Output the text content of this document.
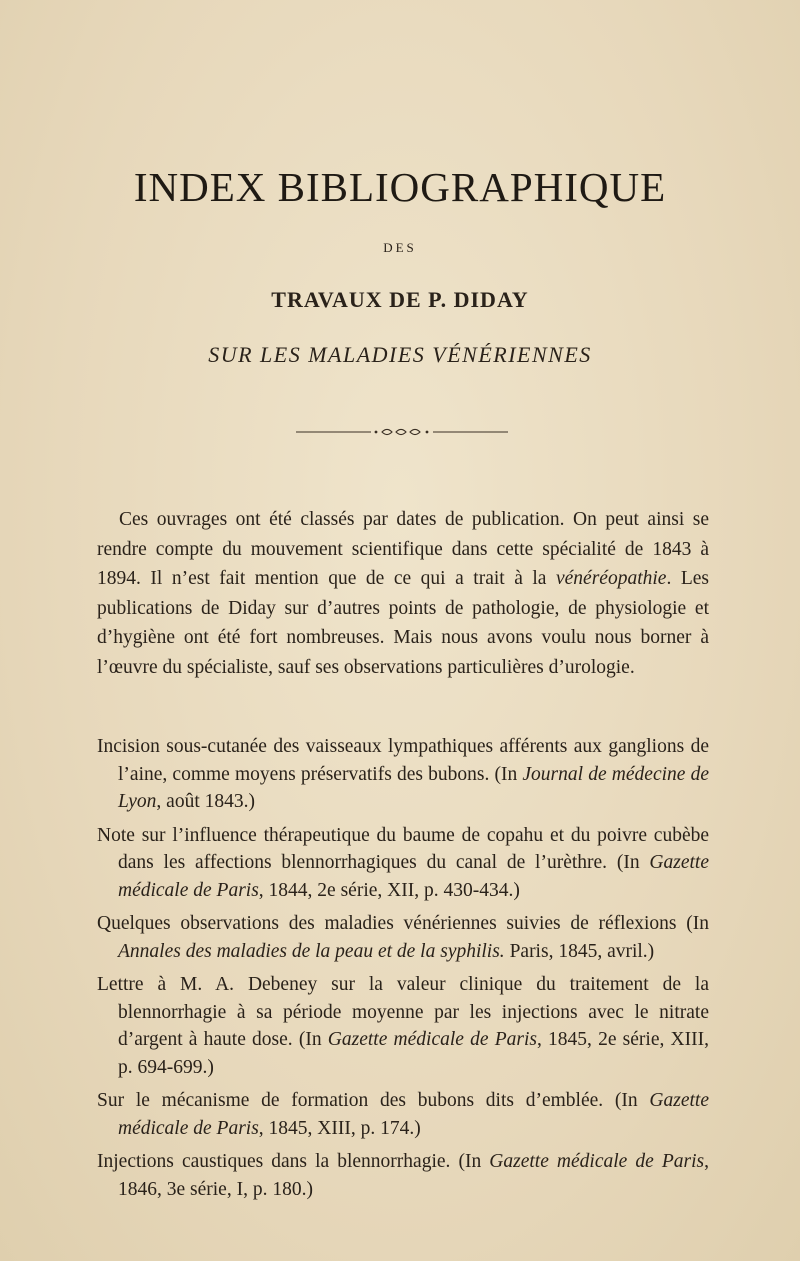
INDEX BIBLIOGRAPHIQUE
DES
TRAVAUX DE P. DIDAY
SUR LES MALADIES VÉNÉRIENNES

Ces ouvrages ont été classés par dates de publication. On peut ainsi se rendre compte du mouvement scientifique dans cette spécialité de 1843 à 1894. Il n’est fait mention que de ce qui a trait à la vénéréopathie. Les publications de Diday sur d’autres points de pathologie, de physiologie et d’hygiène ont été fort nombreuses. Mais nous avons voulu nous borner à l’œuvre du spécialiste, sauf ses observations particulières d’urologie.

Incision sous-cutanée des vaisseaux lympathiques afférents aux ganglions de l’aine, comme moyens préservatifs des bubons. (In Journal de médecine de Lyon, août 1843.)

Note sur l’influence thérapeutique du baume de copahu et du poivre cubèbe dans les affections blennorrhagiques du canal de l’urèthre. (In Gazette médicale de Paris, 1844, 2e série, XII, p. 430-434.)

Quelques observations des maladies vénériennes suivies de réflexions (In Annales des maladies de la peau et de la syphilis. Paris, 1845, avril.)

Lettre à M. A. Debeney sur la valeur clinique du traitement de la blennorrhagie à sa période moyenne par les injections avec le nitrate d’argent à haute dose. (In Gazette médicale de Paris, 1845, 2e série, XIII, p. 694-699.)

Sur le mécanisme de formation des bubons dits d’emblée. (In Gazette médicale de Paris, 1845, XIII, p. 174.)

Injections caustiques dans la blennorrhagie. (In Gazette médicale de Paris, 1846, 3e série, I, p. 180.)
